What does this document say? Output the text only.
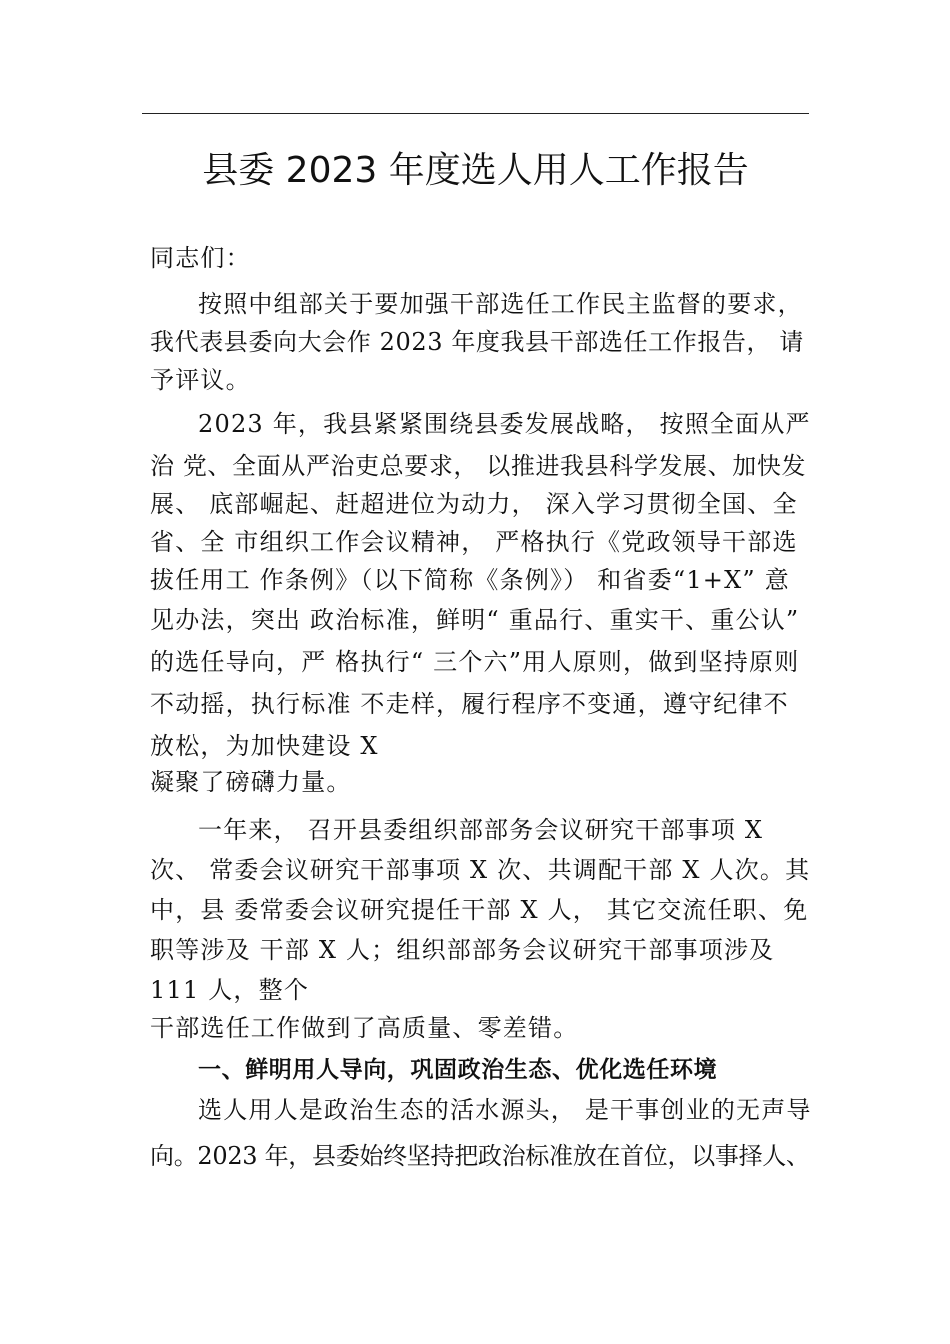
县委 2023 年度选人用人工作报告
同志们：
按照中组部关于要加强干部选任工作民主监督的要求，
我代表县委向大会作 2023 年度我县干部选任工作报告， 请
予评议。
2023 年，我县紧紧围绕县委发展战略， 按照全面从严
治 党、全面从严治吏总要求， 以推进我县科学发展、加快发
展、 底部崛起、赶超进位为动力， 深入学习贯彻全国、全
省、全 市组织工作会议精神， 严格执行《党政领导干部选
拔任用工 作条例》（以下简称《条例》） 和省委“1+X” 意
见办法，突出 政治标准，鲜明“ 重品行、重实干、重公认”
的选任导向，严 格执行“ 三个六”用人原则，做到坚持原则
不动摇，执行标准 不走样，履行程序不变通，遵守纪律不
放松，为加快建设 X
凝聚了磅礴力量。
一年来， 召开县委组织部部务会议研究干部事项 X
次、 常委会议研究干部事项 X 次、共调配干部 X 人次。其
中，县 委常委会议研究提任干部 X 人， 其它交流任职、免
职等涉及 干部 X 人；组织部部务会议研究干部事项涉及
111 人，整个
干部选任工作做到了高质量、零差错。
一、鲜明用人导向，巩固政治生态、优化选任环境
选人用人是政治生态的活水源头， 是干事创业的无声导
向。2023 年，县委始终坚持把政治标准放在首位，以事择人、
